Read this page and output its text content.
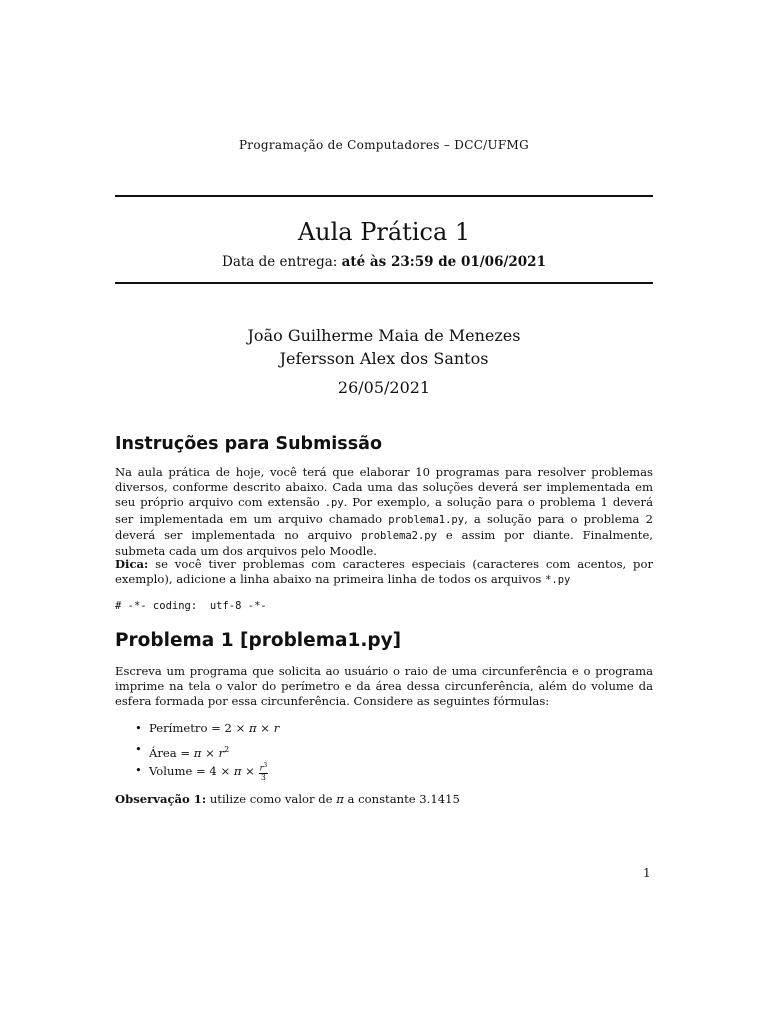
Programação de Computadores – DCC/UFMG
Aula Prática 1
Data de entrega: até às 23:59 de 01/06/2021
João Guilherme Maia de Menezes
Jefersson Alex dos Santos
26/05/2021
Instruções para Submissão

Na aula prática de hoje, você terá que elaborar 10 programas para resolver problemas diversos, conforme descrito abaixo. Cada uma das soluções deverá ser implementada em seu próprio arquivo com extensão .py. Por exemplo, a solução para o problema 1 deverá ser implementada em um arquivo chamado problema1.py, a solução para o problema 2 deverá ser implementada no arquivo problema2.py e assim por diante. Finalmente, submeta cada um dos arquivos pelo Moodle.

Dica: se você tiver problemas com caracteres especiais (caracteres com acentos, por exemplo), adicione a linha abaixo na primeira linha de todos os arquivos *.py

# -*- coding:  utf-8 -*-
Problema 1 [problema1.py]

Escreva um programa que solicita ao usuário o raio de uma circunferência e o programa imprime na tela o valor do perímetro e da área dessa circunferência, além do volume da esfera formada por essa circunferência. Considere as seguintes fórmulas:

• Perímetro = 2 × π × r
• Área = $\pi \times r^2$
• Volume = $4 \times \pi \times \frac{r^3}{3}$

Observação 1: utilize como valor de π a constante 3.1415

1
